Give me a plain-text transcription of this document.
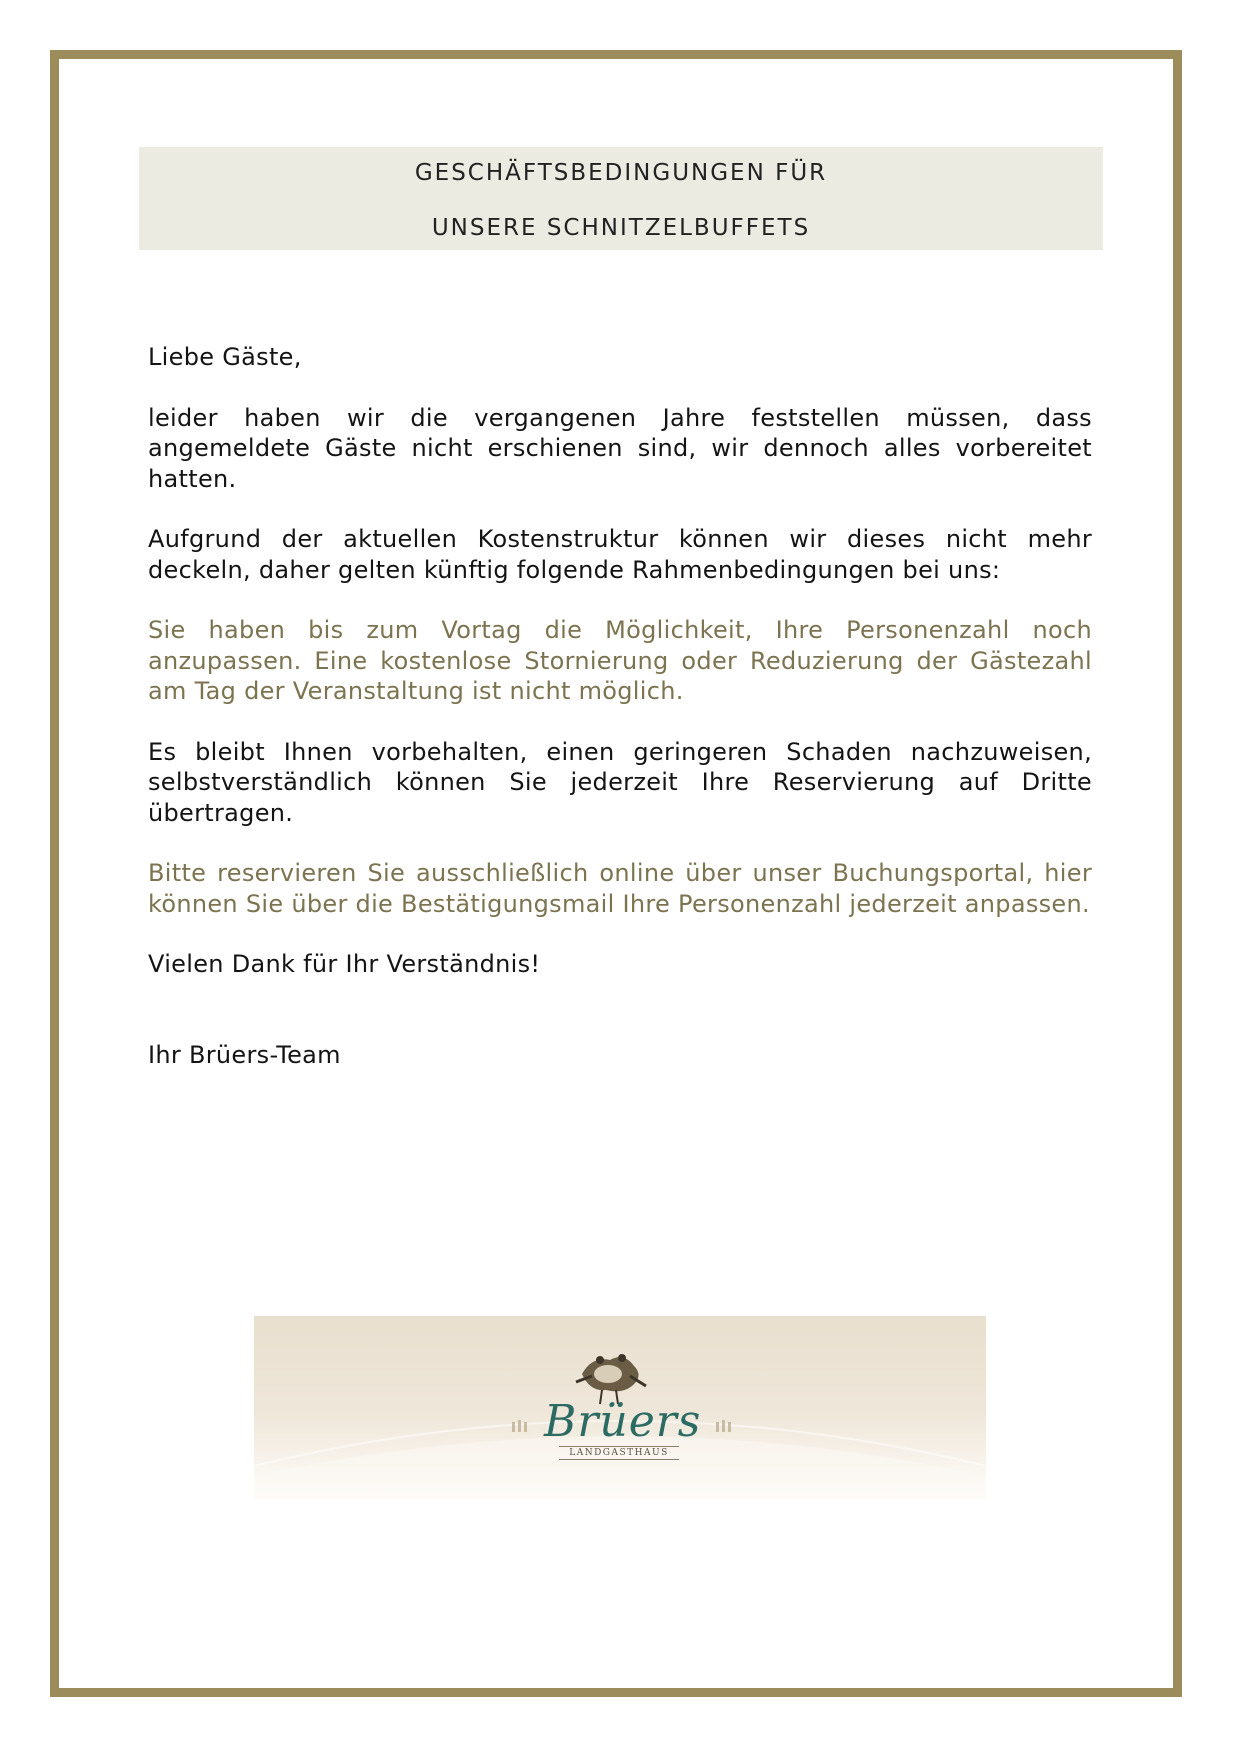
GESCHÄFTSBEDINGUNGEN FÜR
UNSERE SCHNITZELBUFFETS

Liebe Gäste,

leider haben wir die vergangenen Jahre feststellen müssen, dass angemeldete Gäste nicht erschienen sind, wir dennoch alles vorbereitet hatten.

Aufgrund der aktuellen Kostenstruktur können wir dieses nicht mehr deckeln, daher gelten künftig folgende Rahmenbedingungen bei uns:

Sie haben bis zum Vortag die Möglichkeit, Ihre Personenzahl noch anzupassen. Eine kostenlose Stornierung oder Reduzierung der Gästezahl am Tag der Veranstaltung ist nicht möglich.

Es bleibt Ihnen vorbehalten, einen geringeren Schaden nachzuweisen, selbstverständlich können Sie jederzeit Ihre Reservierung auf Dritte übertragen.

Bitte reservieren Sie ausschließlich online über unser Buchungsportal, hier können Sie über die Bestätigungsmail Ihre Personenzahl jederzeit anpassen.

Vielen Dank für Ihr Verständnis!

Ihr Brüers-Team

Brüers
LANDGASTHAUS
